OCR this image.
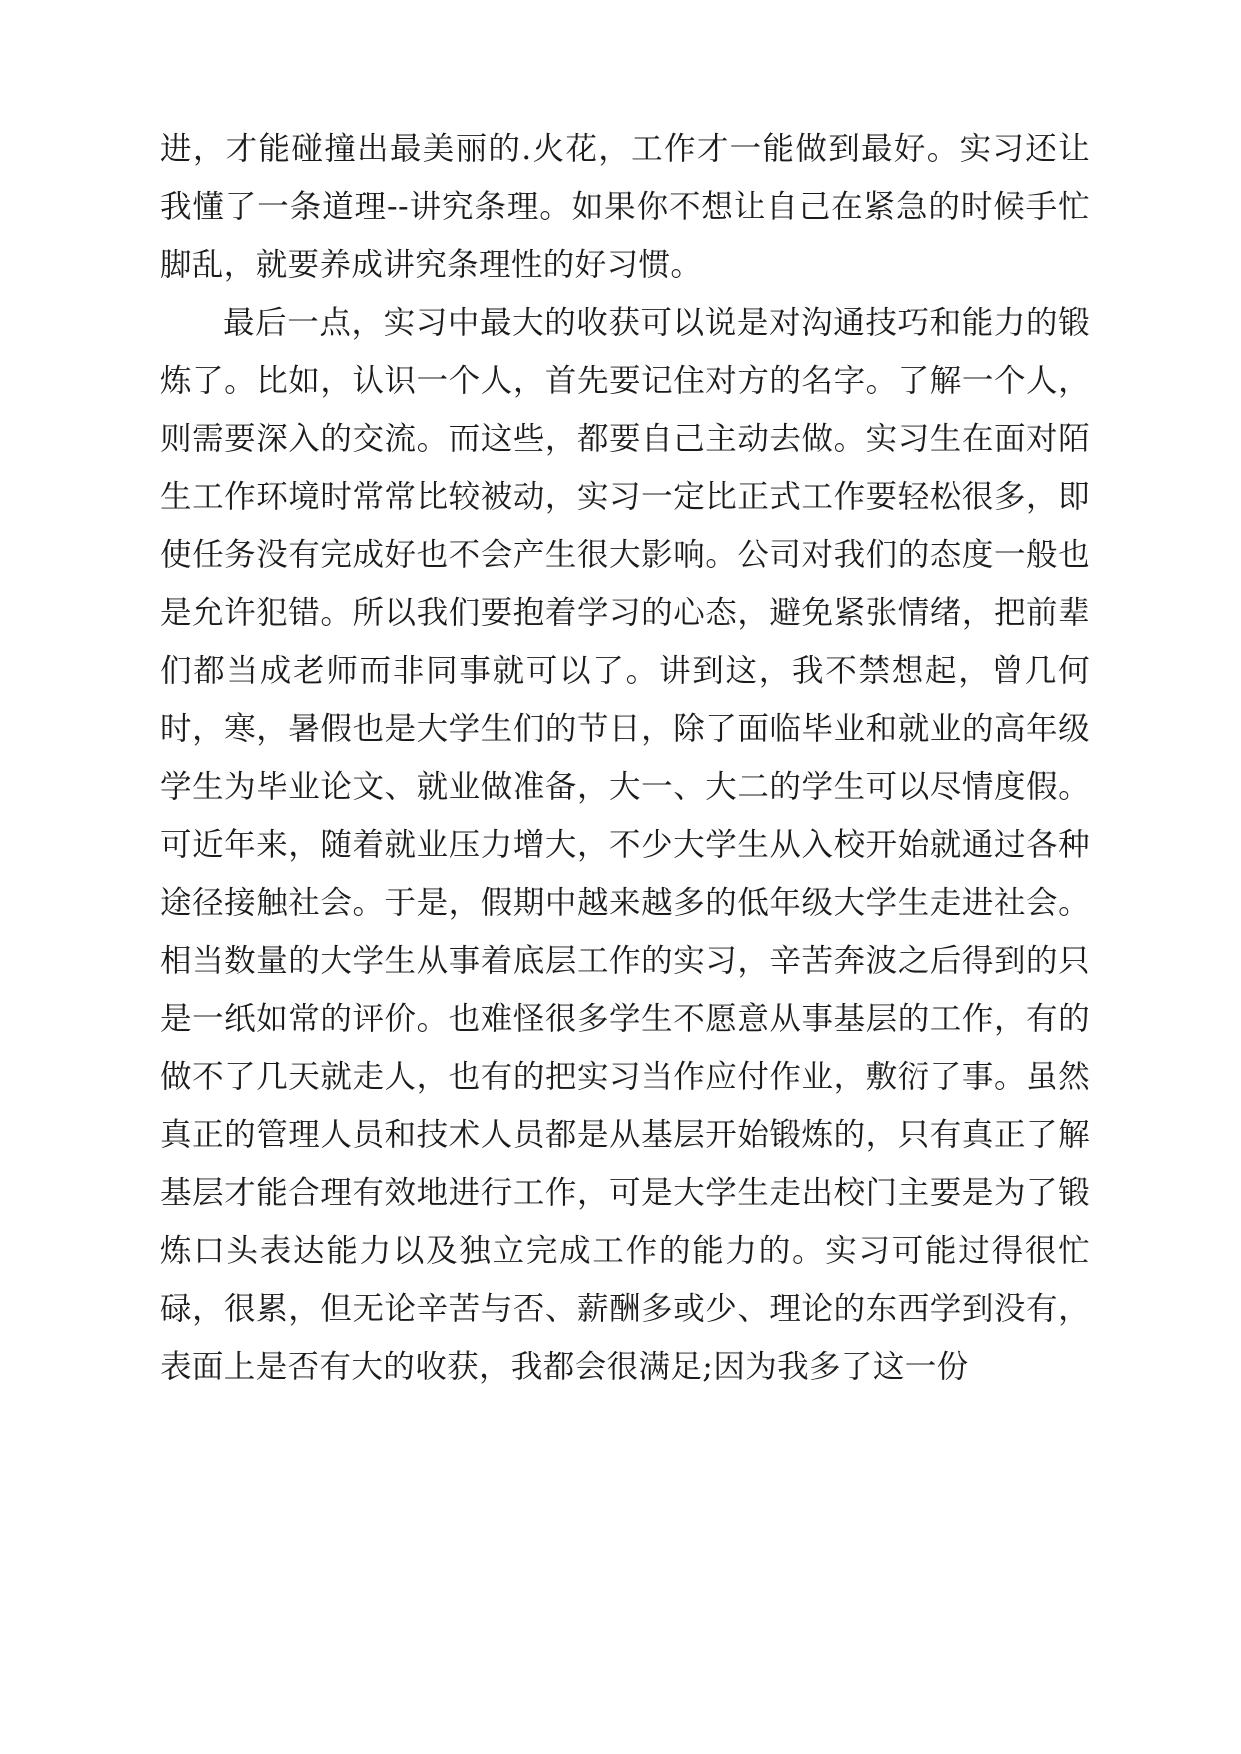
进，才能碰撞出最美丽的.火花，工作才一能做到最好。实习还让我懂了一条道理--讲究条理。如果你不想让自己在紧急的时候手忙脚乱，就要养成讲究条理性的好习惯。

最后一点，实习中最大的收获可以说是对沟通技巧和能力的锻炼了。比如，认识一个人，首先要记住对方的名字。了解一个人，则需要深入的交流。而这些，都要自己主动去做。实习生在面对陌生工作环境时常常比较被动，实习一定比正式工作要轻松很多，即使任务没有完成好也不会产生很大影响。公司对我们的态度一般也是允许犯错。所以我们要抱着学习的心态，避免紧张情绪，把前辈们都当成老师而非同事就可以了。讲到这，我不禁想起，曾几何时，寒，暑假也是大学生们的节日，除了面临毕业和就业的高年级学生为毕业论文、就业做准备，大一、大二的学生可以尽情度假。可近年来，随着就业压力增大，不少大学生从入校开始就通过各种途径接触社会。于是，假期中越来越多的低年级大学生走进社会。相当数量的大学生从事着底层工作的实习，辛苦奔波之后得到的只是一纸如常的评价。也难怪很多学生不愿意从事基层的工作，有的做不了几天就走人，也有的把实习当作应付作业，敷衍了事。虽然真正的管理人员和技术人员都是从基层开始锻炼的，只有真正了解基层才能合理有效地进行工作，可是大学生走出校门主要是为了锻炼口头表达能力以及独立完成工作的能力的。实习可能过得很忙碌，很累，但无论辛苦与否、薪酬多或少、理论的东西学到没有，表面上是否有大的收获，我都会很满足;因为我多了这一份
